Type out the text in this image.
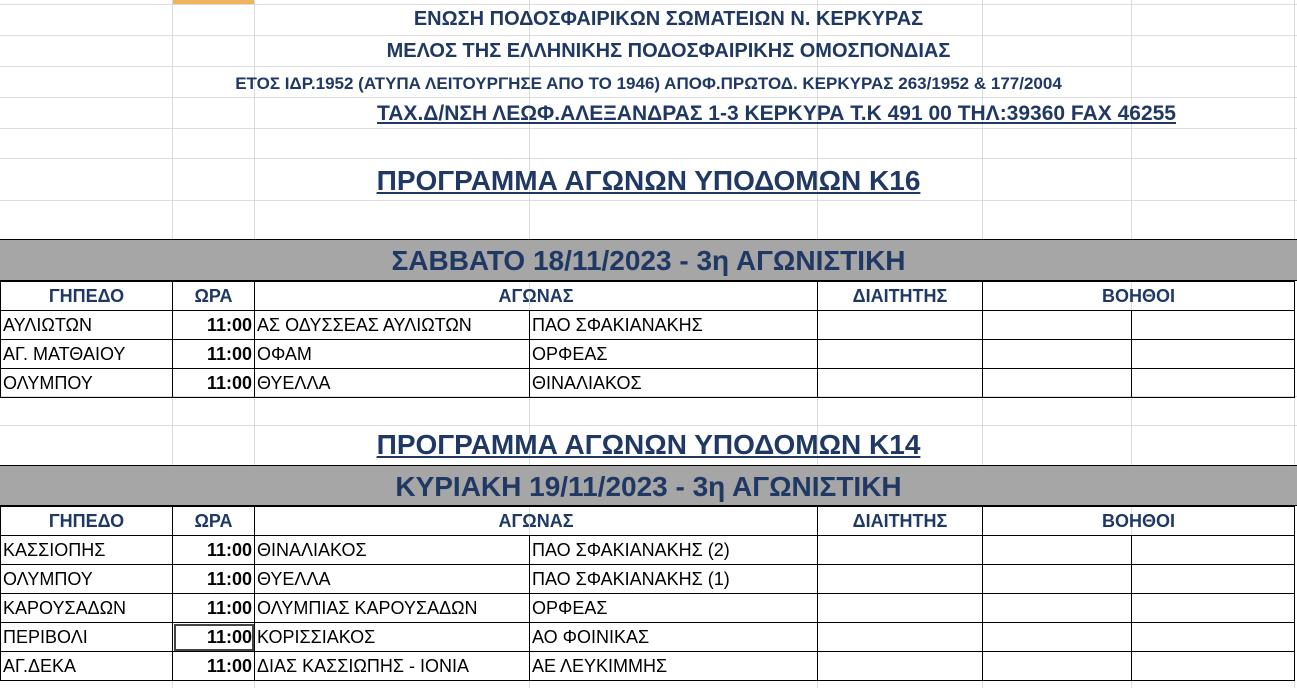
ΕΝΩΣΗ ΠΟΔΟΣΦΑΙΡΙΚΩΝ ΣΩΜΑΤΕΙΩΝ Ν. ΚΕΡΚΥΡΑΣ
ΜΕΛΟΣ ΤΗΣ ΕΛΛΗΝΙΚΗΣ ΠΟΔΟΣΦΑΙΡΙΚΗΣ ΟΜΟΣΠΟΝΔΙΑΣ
ΕΤΟΣ ΙΔΡ.1952 (ΑΤΥΠΑ ΛΕΙΤΟΥΡΓΗΣΕ ΑΠΟ ΤΟ 1946) ΑΠΟΦ.ΠΡΩΤΟΔ. ΚΕΡΚΥΡΑΣ 263/1952 & 177/2004
ΤΑΧ.Δ/ΝΣΗ ΛΕΩΦ.ΑΛΕΞΑΝΔΡΑΣ 1-3 ΚΕΡΚΥΡΑ Τ.Κ 491 00 ΤΗΛ:39360 FAX 46255
ΠΡΟΓΡΑΜΜΑ ΑΓΩΝΩΝ ΥΠΟΔΟΜΩΝ Κ16
ΣΑΒΒΑΤΟ 18/11/2023 - 3η ΑΓΩΝΙΣΤΙΚΗ
ΓΗΠΕΔΟ	ΩΡΑ	ΑΓΩΝΑΣ		ΔΙΑΙΤΗΤΗΣ	ΒΟΗΘΟΙ	
ΑΥΛΙΩΤΩΝ	11:00	ΑΣ ΟΔΥΣΣΕΑΣ ΑΥΛΙΩΤΩΝ	ΠΑΟ ΣΦΑΚΙΑΝΑΚΗΣ			
ΑΓ. ΜΑΤΘΑΙΟΥ	11:00	ΟΦΑΜ	ΟΡΦΕΑΣ			
ΟΛΥΜΠΟΥ	11:00	ΘΥΕΛΛΑ	ΘΙΝΑΛΙΑΚΟΣ			
ΠΡΟΓΡΑΜΜΑ ΑΓΩΝΩΝ ΥΠΟΔΟΜΩΝ Κ14
ΚΥΡΙΑΚΗ 19/11/2023 - 3η ΑΓΩΝΙΣΤΙΚΗ
ΓΗΠΕΔΟ	ΩΡΑ	ΑΓΩΝΑΣ		ΔΙΑΙΤΗΤΗΣ	ΒΟΗΘΟΙ	
ΚΑΣΣΙΟΠΗΣ	11:00	ΘΙΝΑΛΙΑΚΟΣ	ΠΑΟ ΣΦΑΚΙΑΝΑΚΗΣ (2)			
ΟΛΥΜΠΟΥ	11:00	ΘΥΕΛΛΑ	ΠΑΟ ΣΦΑΚΙΑΝΑΚΗΣ (1)			
ΚΑΡΟΥΣΑΔΩΝ	11:00	ΟΛΥΜΠΙΑΣ ΚΑΡΟΥΣΑΔΩΝ	ΟΡΦΕΑΣ			
ΠΕΡΙΒΟΛΙ	11:00	ΚΟΡΙΣΣΙΑΚΟΣ	ΑΟ ΦΟΙΝΙΚΑΣ			
ΑΓ.ΔΕΚΑ	11:00	ΔΙΑΣ ΚΑΣΣΙΩΠΗΣ - ΙΟΝΙΑ	ΑΕ ΛΕΥΚΙΜΜΗΣ			
